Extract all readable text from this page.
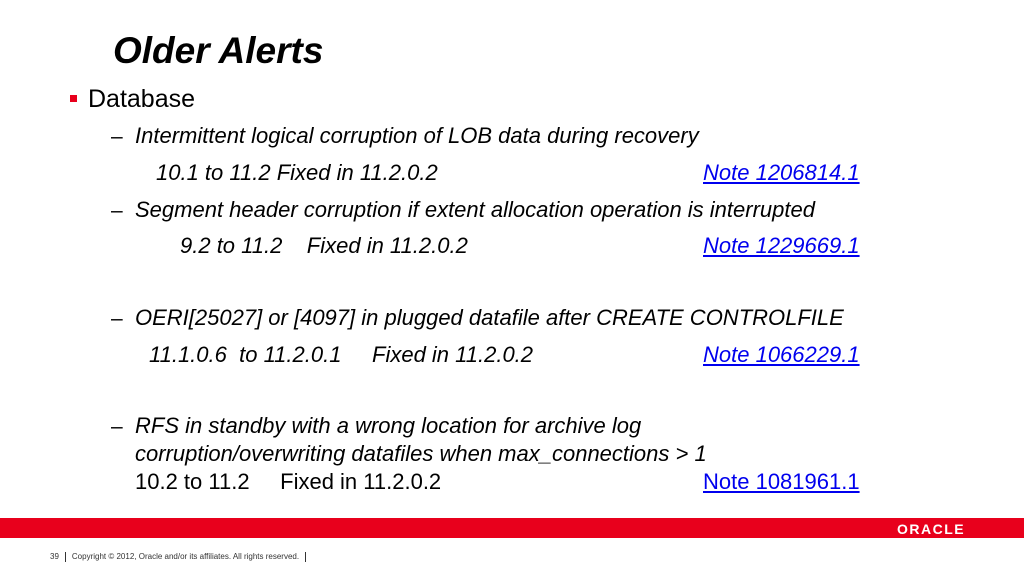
Older Alerts
Database
– Intermittent logical corruption of LOB data during recovery
10.1 to 11.2 Fixed in 11.2.0.2	Note 1206814.1
– Segment header corruption if extent allocation operation is interrupted
9.2 to 11.2    Fixed in 11.2.0.2	Note 1229669.1
– OERI[25027] or [4097] in plugged datafile after CREATE CONTROLFILE
11.1.0.6  to 11.2.0.1     Fixed in 11.2.0.2	Note 1066229.1
– RFS in standby with a wrong location for archive log
corruption/overwriting datafiles when max_connections > 1
10.2 to 11.2     Fixed in 11.2.0.2	Note 1081961.1
ORACLE
39 Copyright © 2012, Oracle and/or its affiliates. All rights reserved.
